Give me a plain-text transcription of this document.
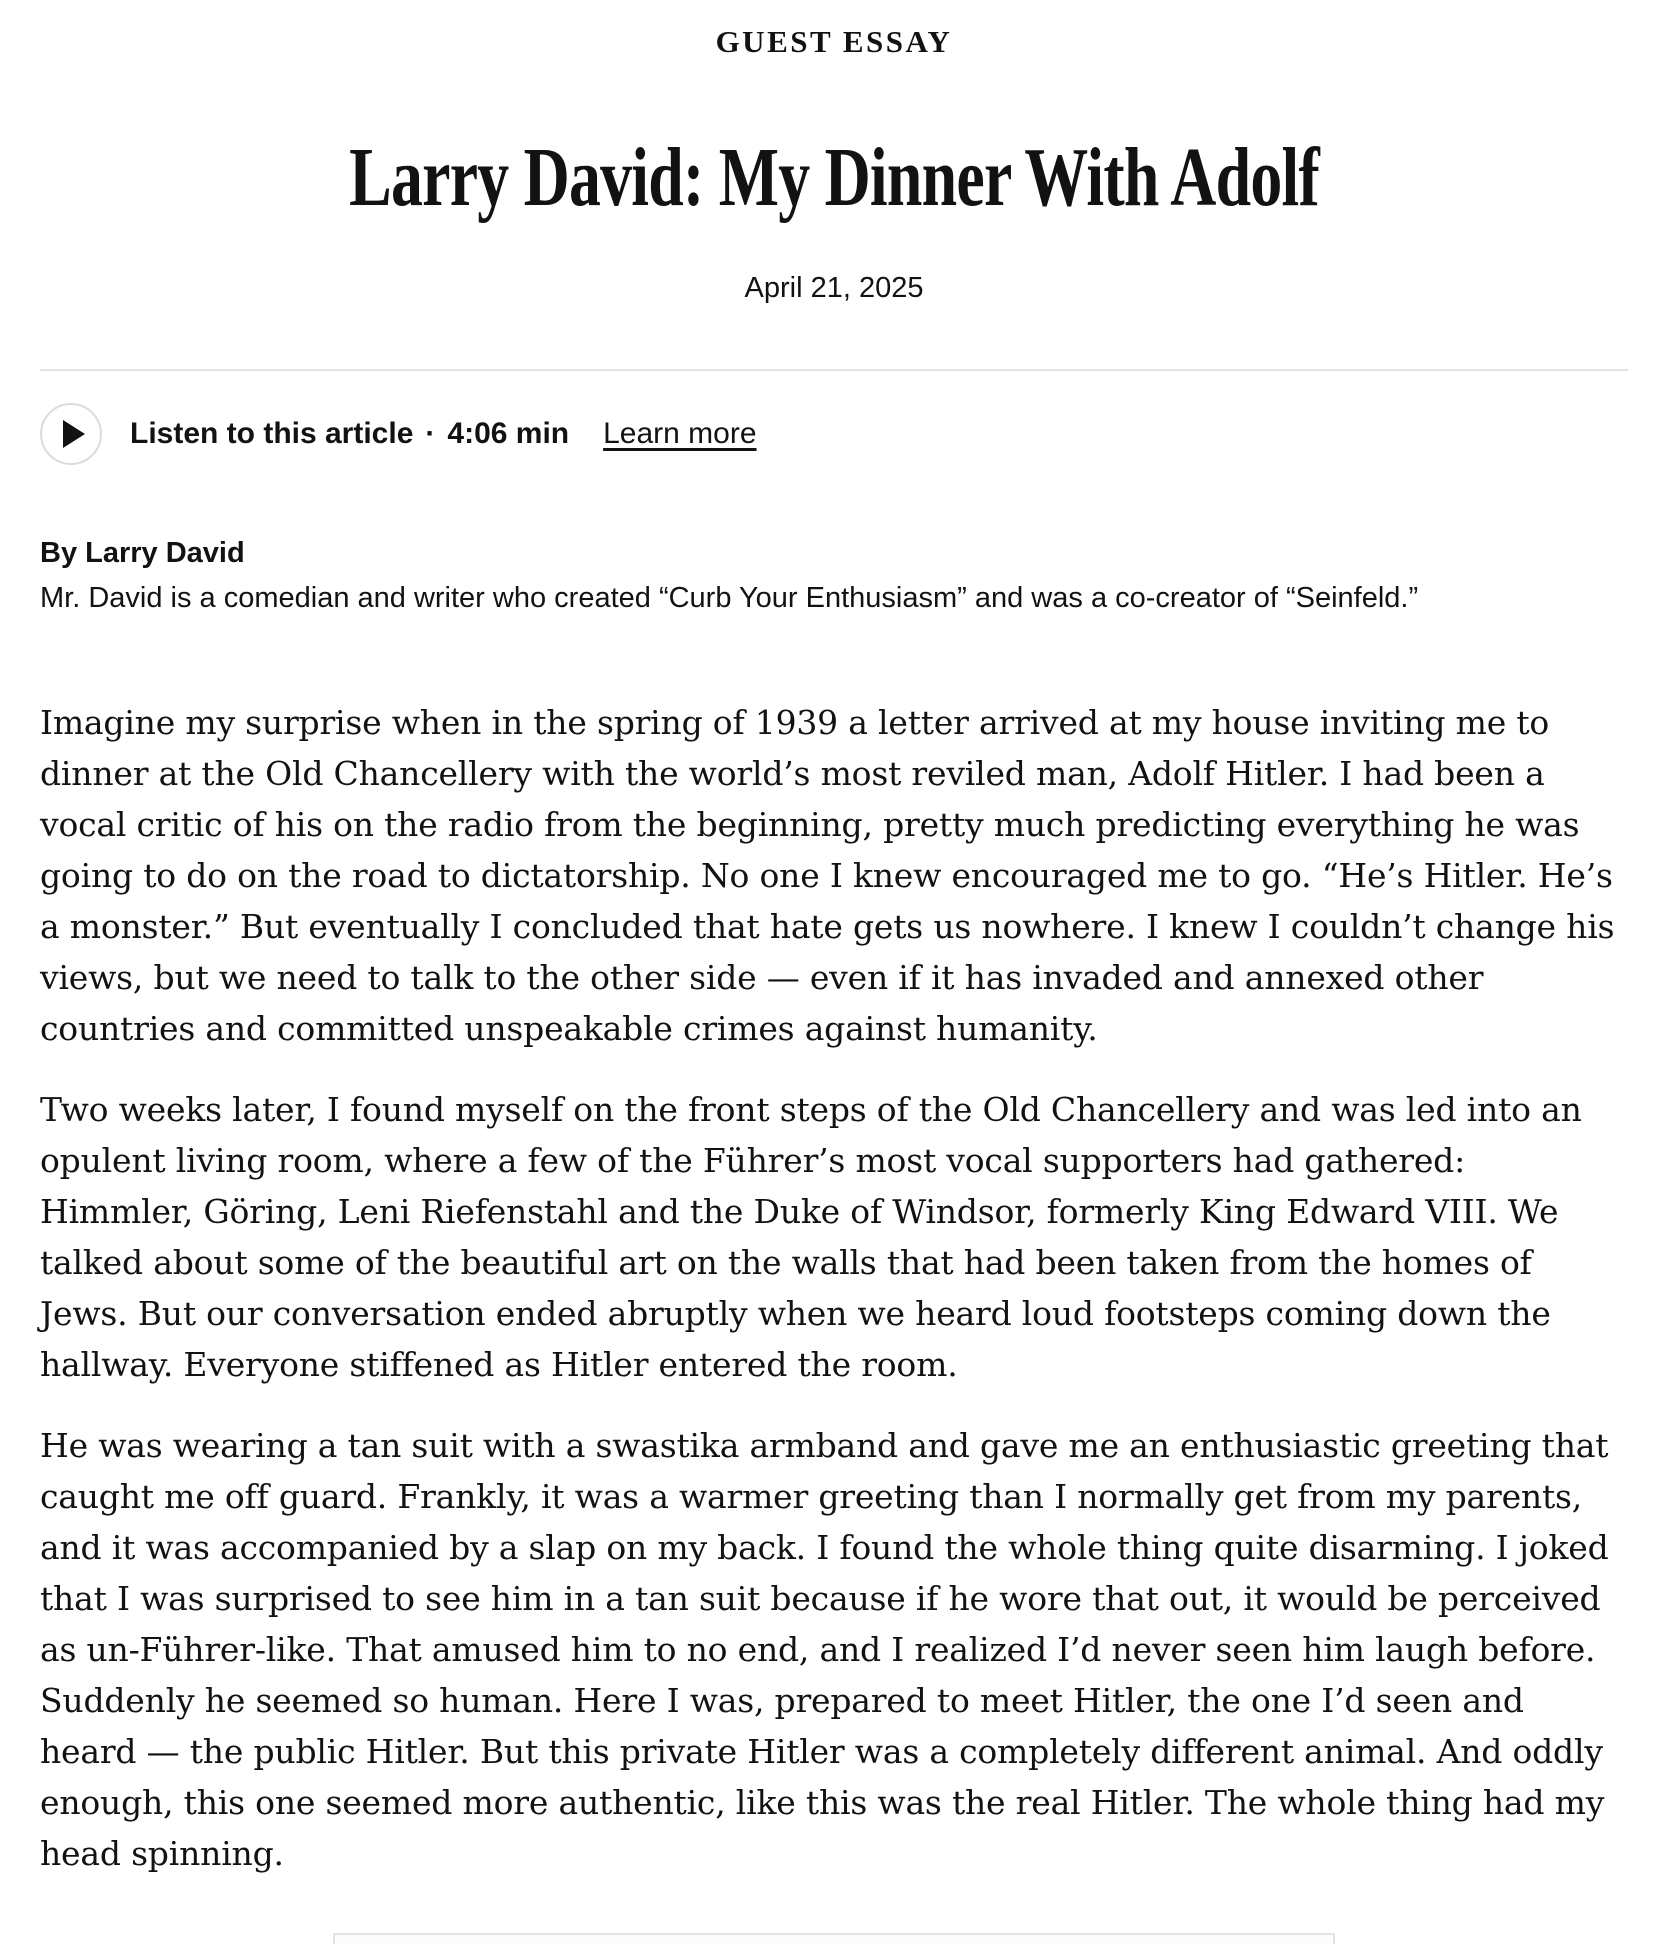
GUEST ESSAY
Larry David: My Dinner With Adolf
April 21, 2025
Listen to this article · 4:06 min Learn more

By Larry David

Mr. David is a comedian and writer who created “Curb Your Enthusiasm” and was a co-creator of “Seinfeld.”

Imagine my surprise when in the spring of 1939 a letter arrived at my house inviting me to dinner at the Old Chancellery with the world’s most reviled man, Adolf Hitler. I had been a vocal critic of his on the radio from the beginning, pretty much predicting everything he was going to do on the road to dictatorship. No one I knew encouraged me to go. “He’s Hitler. He’s a monster.” But eventually I concluded that hate gets us nowhere. I knew I couldn’t change his views, but we need to talk to the other side — even if it has invaded and annexed other countries and committed unspeakable crimes against humanity.

Two weeks later, I found myself on the front steps of the Old Chancellery and was led into an opulent living room, where a few of the Führer’s most vocal supporters had gathered: Himmler, Göring, Leni Riefenstahl and the Duke of Windsor, formerly King Edward VIII. We talked about some of the beautiful art on the walls that had been taken from the homes of Jews. But our conversation ended abruptly when we heard loud footsteps coming down the hallway. Everyone stiffened as Hitler entered the room.

He was wearing a tan suit with a swastika armband and gave me an enthusiastic greeting that caught me off guard. Frankly, it was a warmer greeting than I normally get from my parents, and it was accompanied by a slap on my back. I found the whole thing quite disarming. I joked that I was surprised to see him in a tan suit because if he wore that out, it would be perceived as un-Führer-like. That amused him to no end, and I realized I’d never seen him laugh before. Suddenly he seemed so human. Here I was, prepared to meet Hitler, the one I’d seen and heard — the public Hitler. But this private Hitler was a completely different animal. And oddly enough, this one seemed more authentic, like this was the real Hitler. The whole thing had my head spinning.
